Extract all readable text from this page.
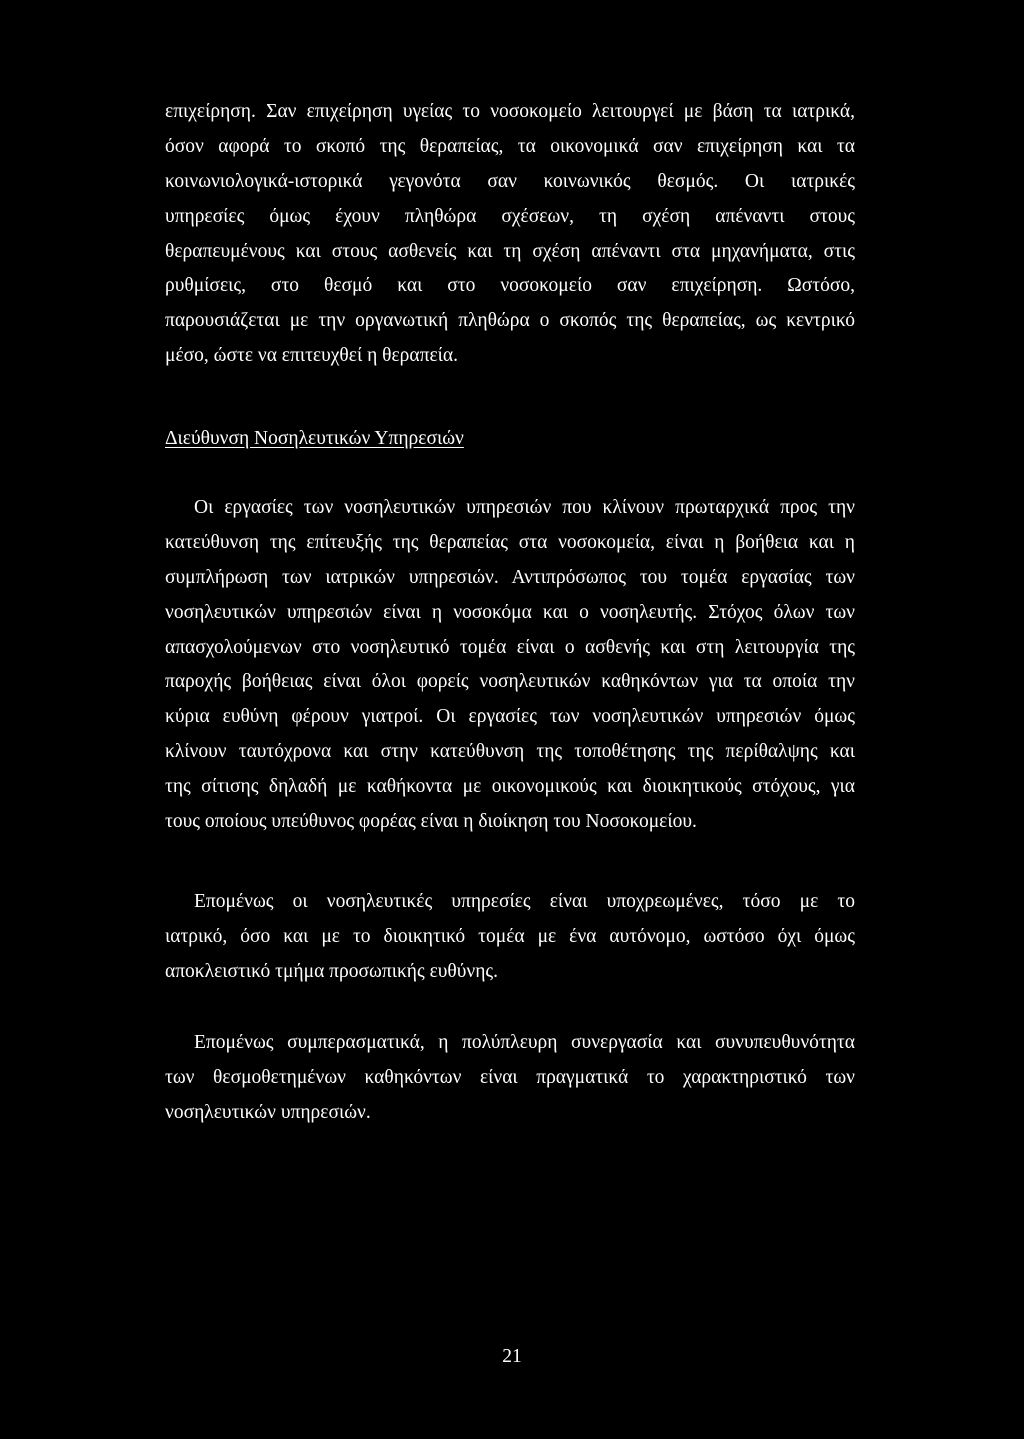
επιχείρηση. Σαν επιχείρηση υγείας το νοσοκομείο λειτουργεί με βάση τα ιατρικά,
όσον αφορά το σκοπό της θεραπείας, τα οικονομικά σαν επιχείρηση και τα
κοινωνιολογικά-ιστορικά γεγονότα σαν κοινωνικός θεσμός. Οι ιατρικές
υπηρεσίες όμως έχουν πληθώρα σχέσεων, τη σχέση απέναντι στους
θεραπευμένους και στους ασθενείς και τη σχέση απέναντι στα μηχανήματα, στις
ρυθμίσεις, στο θεσμό και στο νοσοκομείο σαν επιχείρηση. Ωστόσο,
παρουσιάζεται με την οργανωτική πληθώρα ο σκοπός της θεραπείας, ως κεντρικό
μέσο, ώστε να επιτευχθεί η θεραπεία.
Διεύθυνση Νοσηλευτικών Υπηρεσιών
Οι εργασίες των νοσηλευτικών υπηρεσιών που κλίνουν πρωταρχικά προς την
κατεύθυνση της επίτευξής της θεραπείας στα νοσοκομεία, είναι η βοήθεια και η
συμπλήρωση των ιατρικών υπηρεσιών. Αντιπρόσωπος του τομέα εργασίας των
νοσηλευτικών υπηρεσιών είναι η νοσοκόμα και ο νοσηλευτής. Στόχος όλων των
απασχολούμενων στο νοσηλευτικό τομέα είναι ο ασθενής και στη λειτουργία της
παροχής βοήθειας είναι όλοι φορείς νοσηλευτικών καθηκόντων για τα οποία την
κύρια ευθύνη φέρουν γιατροί. Οι εργασίες των νοσηλευτικών υπηρεσιών όμως
κλίνουν ταυτόχρονα και στην κατεύθυνση της τοποθέτησης της περίθαλψης και
της σίτισης δηλαδή με καθήκοντα με οικονομικούς και διοικητικούς στόχους, για
τους οποίους υπεύθυνος φορέας είναι η διοίκηση του Νοσοκομείου.
Επομένως οι νοσηλευτικές υπηρεσίες είναι υποχρεωμένες, τόσο με το
ιατρικό, όσο και με το διοικητικό τομέα με ένα αυτόνομο, ωστόσο όχι όμως
αποκλειστικό τμήμα προσωπικής ευθύνης.
Επομένως συμπερασματικά, η πολύπλευρη συνεργασία και συνυπευθυνότητα
των θεσμοθετημένων καθηκόντων είναι πραγματικά το χαρακτηριστικό των
νοσηλευτικών υπηρεσιών.
21
